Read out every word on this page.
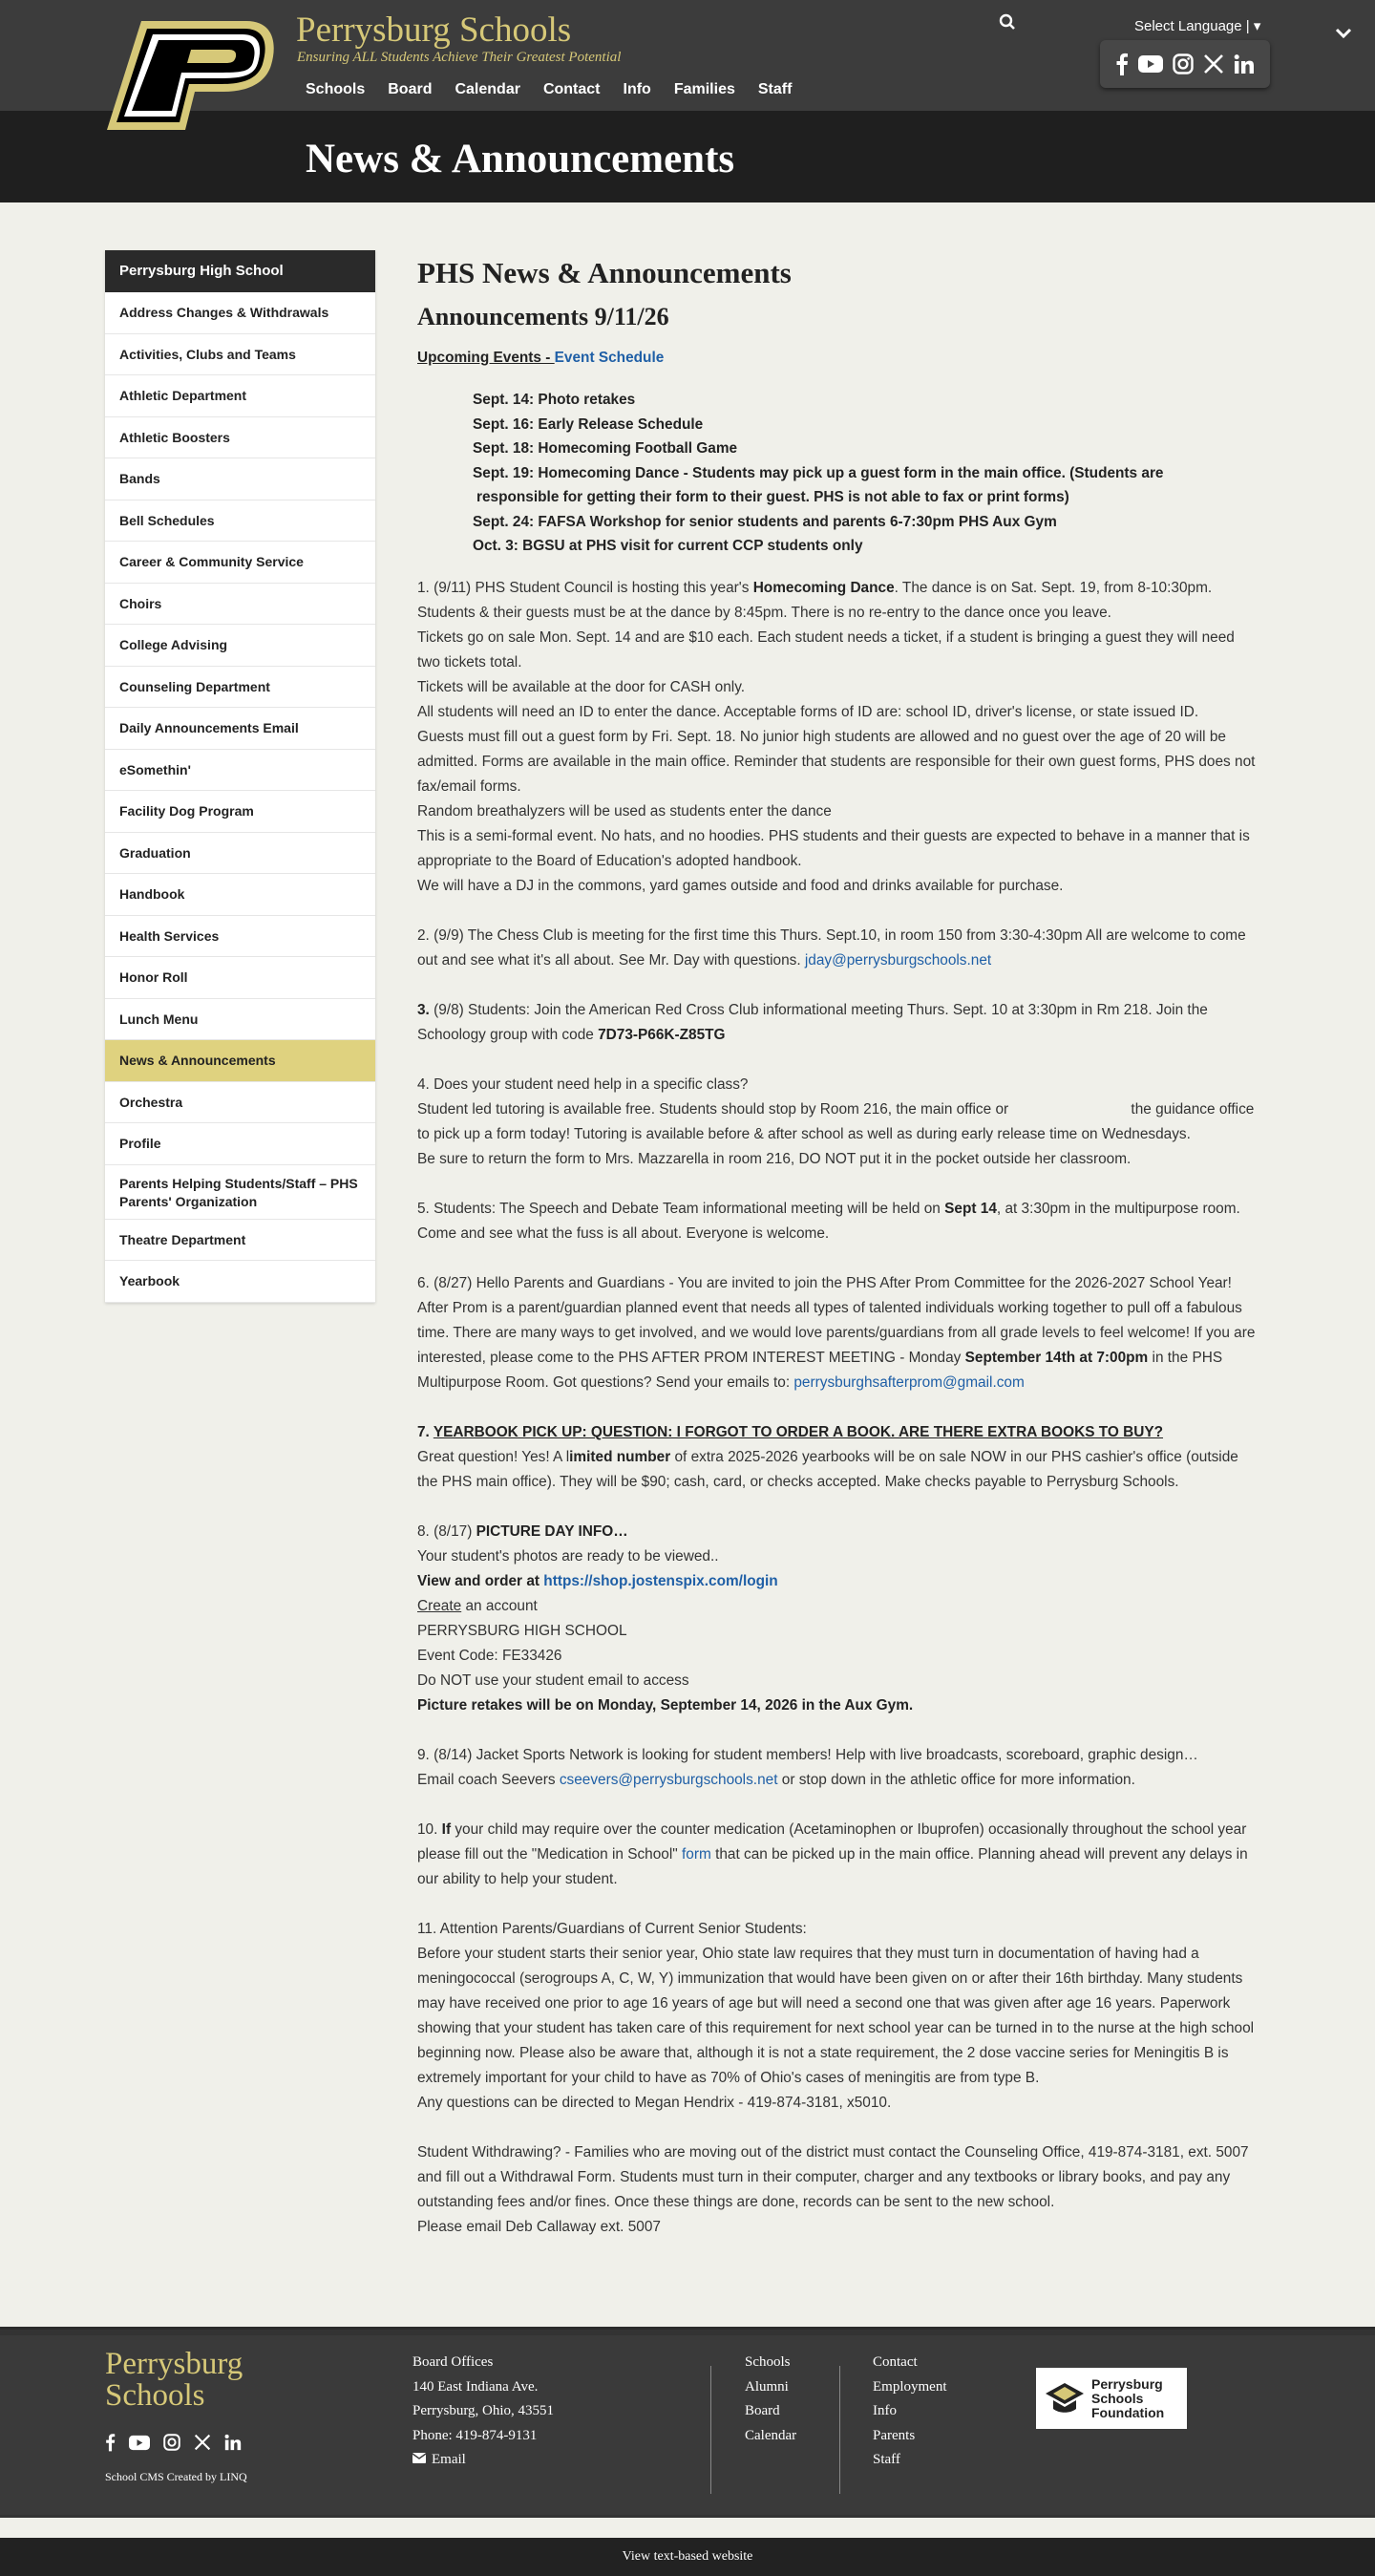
Perrysburg Schools
Ensuring ALL Students Achieve Their Greatest Potential
Schools Board Calendar Contact Info Families Staff
Select Language | ▾
News & Announcements
Perrysburg High School
Address Changes & Withdrawals
Activities, Clubs and Teams
Athletic Department
Athletic Boosters
Bands
Bell Schedules
Career & Community Service
Choirs
College Advising
Counseling Department
Daily Announcements Email
eSomethin'
Facility Dog Program
Graduation
Handbook
Health Services
Honor Roll
Lunch Menu
News & Announcements
Orchestra
Profile
Parents Helping Students/Staff – PHS Parents' Organization
Theatre Department
Yearbook
PHS News & Announcements
Announcements 9/11/26
Upcoming Events - Event Schedule
Sept. 14: Photo retakes
Sept. 16: Early Release Schedule
Sept. 18: Homecoming Football Game
Sept. 19: Homecoming Dance - Students may pick up a guest form in the main office. (Students are
responsible for getting their form to their guest. PHS is not able to fax or print forms)
Sept. 24: FAFSA Workshop for senior students and parents 6-7:30pm PHS Aux Gym
Oct. 3: BGSU at PHS visit for current CCP students only

1. (9/11) PHS Student Council is hosting this year's Homecoming Dance. The dance is on Sat. Sept. 19, from 8-10:30pm. Students & their guests must be at the dance by 8:45pm. There is no re-entry to the dance once you leave.

Tickets go on sale Mon. Sept. 14 and are $10 each. Each student needs a ticket, if a student is bringing a guest they will need two tickets total.

Tickets will be available at the door for CASH only.

All students will need an ID to enter the dance. Acceptable forms of ID are: school ID, driver's license, or state issued ID.

Guests must fill out a guest form by Fri. Sept. 18. No junior high students are allowed and no guest over the age of 20 will be admitted. Forms are available in the main office. Reminder that students are responsible for their own guest forms, PHS does not fax/email forms.

Random breathalyzers will be used as students enter the dance

This is a semi-formal event. No hats, and no hoodies. PHS students and their guests are expected to behave in a manner that is appropriate to the Board of Education's adopted handbook.

We will have a DJ in the commons, yard games outside and food and drinks available for purchase.

2. (9/9) The Chess Club is meeting for the first time this Thurs. Sept.10, in room 150 from 3:30-4:30pm All are welcome to come out and see what it's all about. See Mr. Day with questions. jday@perrysburgschools.net

3. (9/8) Students: Join the American Red Cross Club informational meeting Thurs. Sept. 10 at 3:30pm in Rm 218. Join the Schoology group with code 7D73-P66K-Z85TG

4. Does your student need help in a specific class?

Student led tutoring is available free. Students should stop by Room 216, the main office or                              the guidance office to pick up a form today! Tutoring is available before & after school as well as during early release time on Wednesdays.

Be sure to return the form to Mrs. Mazzarella in room 216, DO NOT put it in the pocket outside her classroom.

5. Students: The Speech and Debate Team informational meeting will be held on Sept 14, at 3:30pm in the multipurpose room. Come and see what the fuss is all about. Everyone is welcome.

6. (8/27) Hello Parents and Guardians - You are invited to join the PHS After Prom Committee for the 2026-2027 School Year! After Prom is a parent/guardian planned event that needs all types of talented individuals working together to pull off a fabulous time. There are many ways to get involved, and we would love parents/guardians from all grade levels to feel welcome! If you are interested, please come to the PHS AFTER PROM INTEREST MEETING - Monday September 14th at 7:00pm in the PHS Multipurpose Room. Got questions? Send your emails to: perrysburghsafterprom@gmail.com

7. YEARBOOK PICK UP: QUESTION: I FORGOT TO ORDER A BOOK. ARE THERE EXTRA BOOKS TO BUY?

Great question! Yes! A limited number of extra 2025-2026 yearbooks will be on sale NOW in our PHS cashier's office (outside the PHS main office). They will be $90; cash, card, or checks accepted. Make checks payable to Perrysburg Schools.

8. (8/17) PICTURE DAY INFO…

Your student's photos are ready to be viewed..

View and order at https://shop.jostenspix.com/login

Create an account

PERRYSBURG HIGH SCHOOL

Event Code: FE33426

Do NOT use your student email to access

Picture retakes will be on Monday, September 14, 2026 in the Aux Gym.

9. (8/14) Jacket Sports Network is looking for student members! Help with live broadcasts, scoreboard, graphic design…

Email coach Seevers cseevers@perrysburgschools.net or stop down in the athletic office for more information.

10. If your child may require over the counter medication (Acetaminophen or Ibuprofen) occasionally throughout the school year please fill out the "Medication in School" form that can be picked up in the main office. Planning ahead will prevent any delays in our ability to help your student.

11. Attention Parents/Guardians of Current Senior Students:

Before your student starts their senior year, Ohio state law requires that they must turn in documentation of having had a meningococcal (serogroups A, C, W, Y) immunization that would have been given on or after their 16th birthday. Many students may have received one prior to age 16 years of age but will need a second one that was given after age 16 years. Paperwork showing that your student has taken care of this requirement for next school year can be turned in to the nurse at the high school beginning now. Please also be aware that, although it is not a state requirement, the 2 dose vaccine series for Meningitis B is extremely important for your child to have as 70% of Ohio's cases of meningitis are from type B.

Any questions can be directed to Megan Hendrix - 419-874-3181, x5010.

Student Withdrawing? - Families who are moving out of the district must contact the Counseling Office, 419-874-3181, ext. 5007 and fill out a Withdrawal Form. Students must turn in their computer, charger and any textbooks or library books, and pay any outstanding fees and/or fines. Once these things are done, records can be sent to the new school.

Please email Deb Callaway ext. 5007

Perrysburg
Schools
School CMS Created by LINQ
Board Offices
140 East Indiana Ave.
Perrysburg, Ohio, 43551
Phone: 419-874-9131
Email
Schools
Alumni
Board
Calendar
Contact
Employment
Info
Parents
Staff
Perrysburg
Schools
Foundation
View text-based website
